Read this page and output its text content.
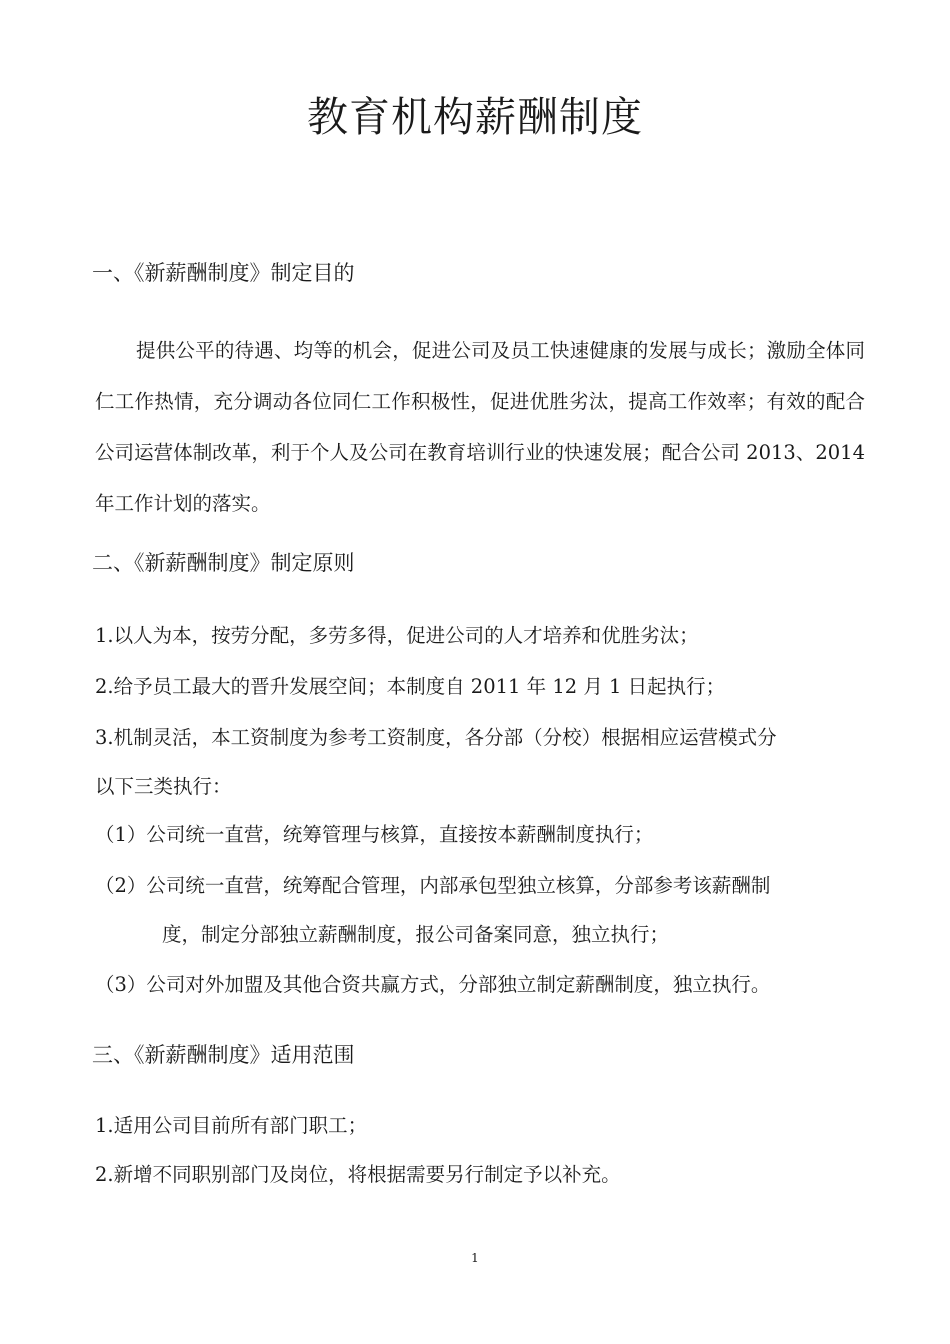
教育机构薪酬制度
一、《新薪酬制度》制定目的

提供公平的待遇、均等的机会，促进公司及员工快速健康的发展与成长；激励全体同仁工作热情，充分调动各位同仁工作积极性，促进优胜劣汰，提高工作效率；有效的配合公司运营体制改革，利于个人及公司在教育培训行业的快速发展；配合公司 2013、2014 年工作计划的落实。

二、《新薪酬制度》制定原则

1.以人为本，按劳分配，多劳多得，促进公司的人才培养和优胜劣汰；

2.给予员工最大的晋升发展空间；本制度自 2011 年 12 月 1 日起执行；

3.机制灵活，本工资制度为参考工资制度，各分部（分校）根据相应运营模式分

以下三类执行：

（1）公司统一直营，统筹管理与核算，直接按本薪酬制度执行；

（2）公司统一直营，统筹配合管理，内部承包型独立核算，分部参考该薪酬制

度，制定分部独立薪酬制度，报公司备案同意，独立执行；

（3）公司对外加盟及其他合资共赢方式，分部独立制定薪酬制度，独立执行。

三、《新薪酬制度》适用范围

1.适用公司目前所有部门职工；

2.新增不同职别部门及岗位，将根据需要另行制定予以补充。

1
